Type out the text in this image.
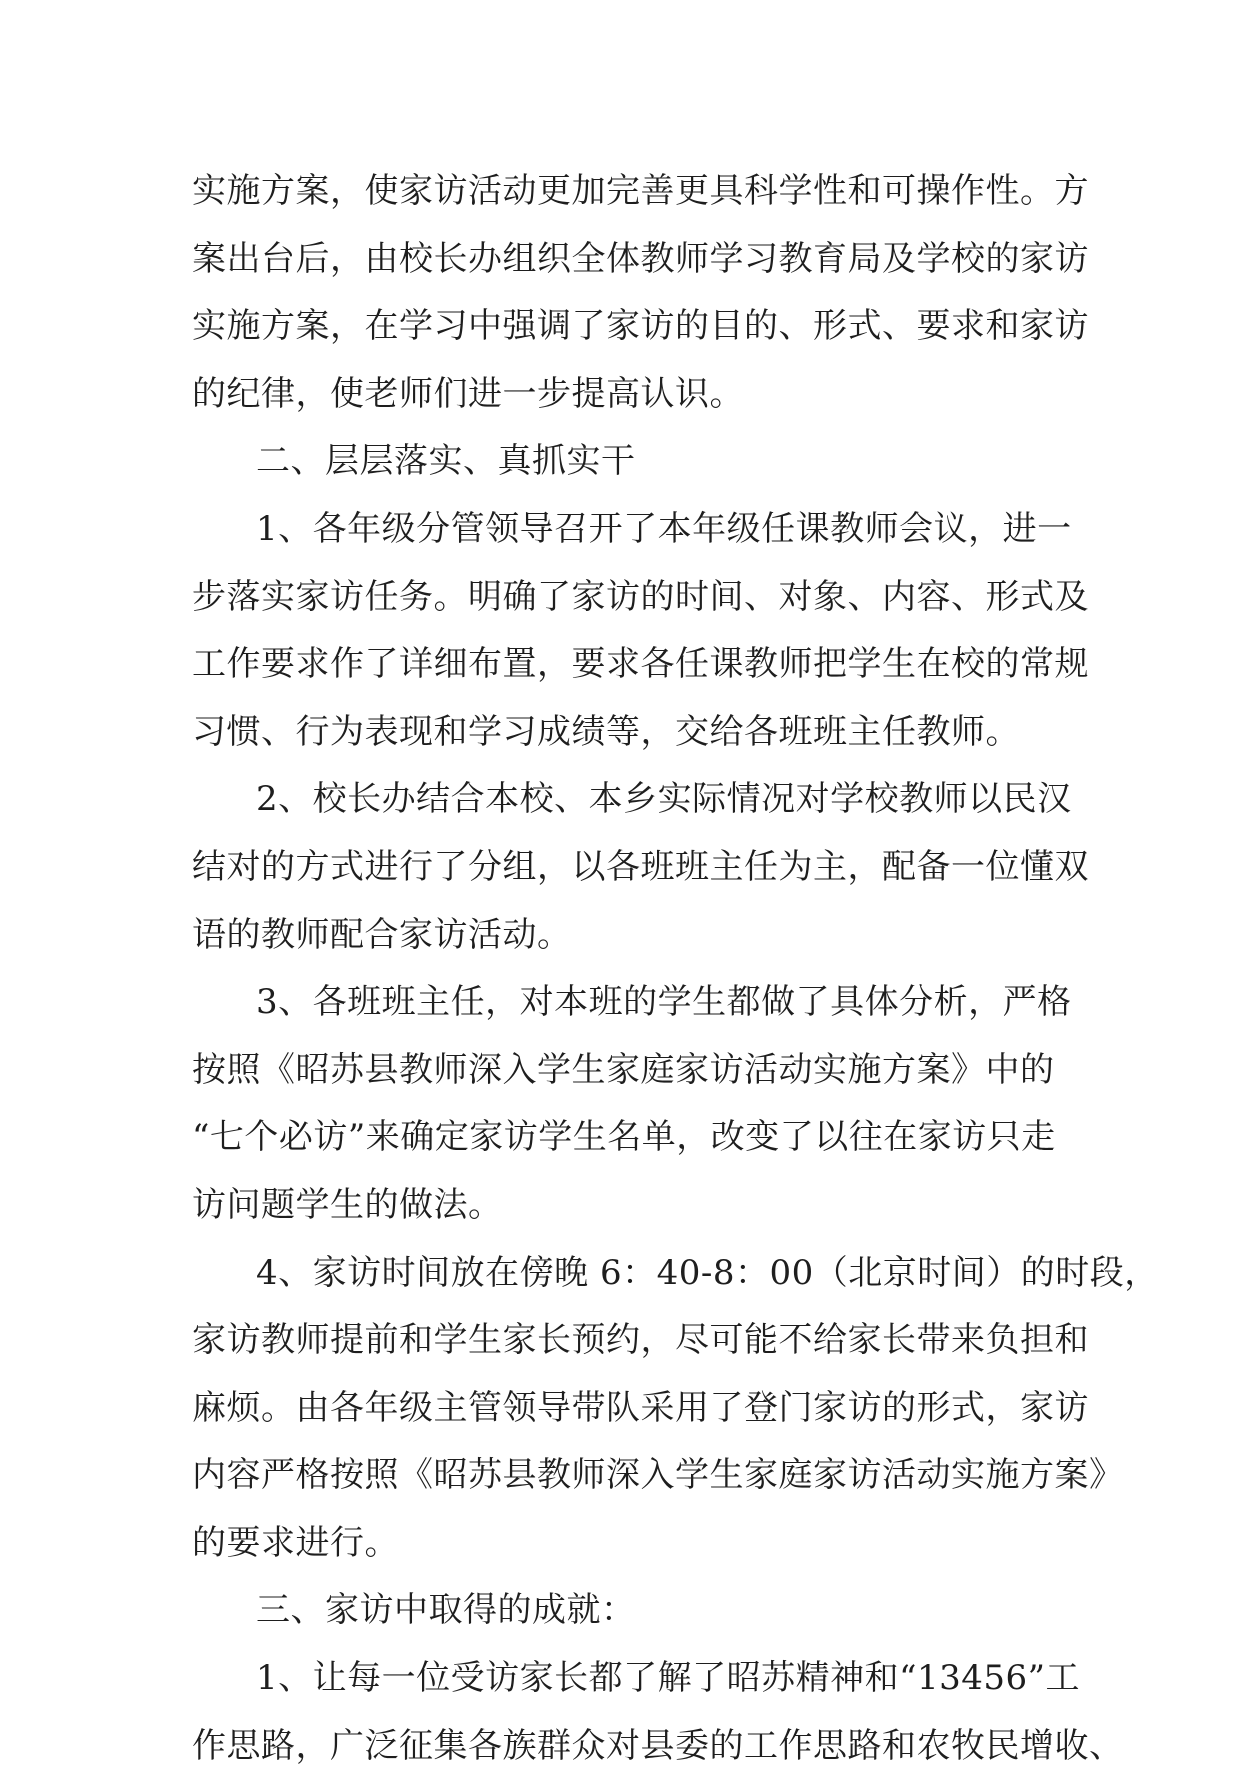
实施方案，使家访活动更加完善更具科学性和可操作性。方
案出台后，由校长办组织全体教师学习教育局及学校的家访
实施方案，在学习中强调了家访的目的、形式、要求和家访
的纪律，使老师们进一步提高认识。
二、层层落实、真抓实干
1、各年级分管领导召开了本年级任课教师会议，进一
步落实家访任务。明确了家访的时间、对象、内容、形式及
工作要求作了详细布置，要求各任课教师把学生在校的常规
习惯、行为表现和学习成绩等，交给各班班主任教师。
2、校长办结合本校、本乡实际情况对学校教师以民汉
结对的方式进行了分组，以各班班主任为主，配备一位懂双
语的教师配合家访活动。
3、各班班主任，对本班的学生都做了具体分析，严格
按照《昭苏县教师深入学生家庭家访活动实施方案》中的
“七个必访”来确定家访学生名单，改变了以往在家访只走
访问题学生的做法。
4、家访时间放在傍晚 6：40-8：00（北京时间）的时段，
家访教师提前和学生家长预约，尽可能不给家长带来负担和
麻烦。由各年级主管领导带队采用了登门家访的形式，家访
内容严格按照《昭苏县教师深入学生家庭家访活动实施方案》
的要求进行。
三、家访中取得的成就：
1、让每一位受访家长都了解了昭苏精神和“13456”工
作思路，广泛征集各族群众对县委的工作思路和农牧民增收、
